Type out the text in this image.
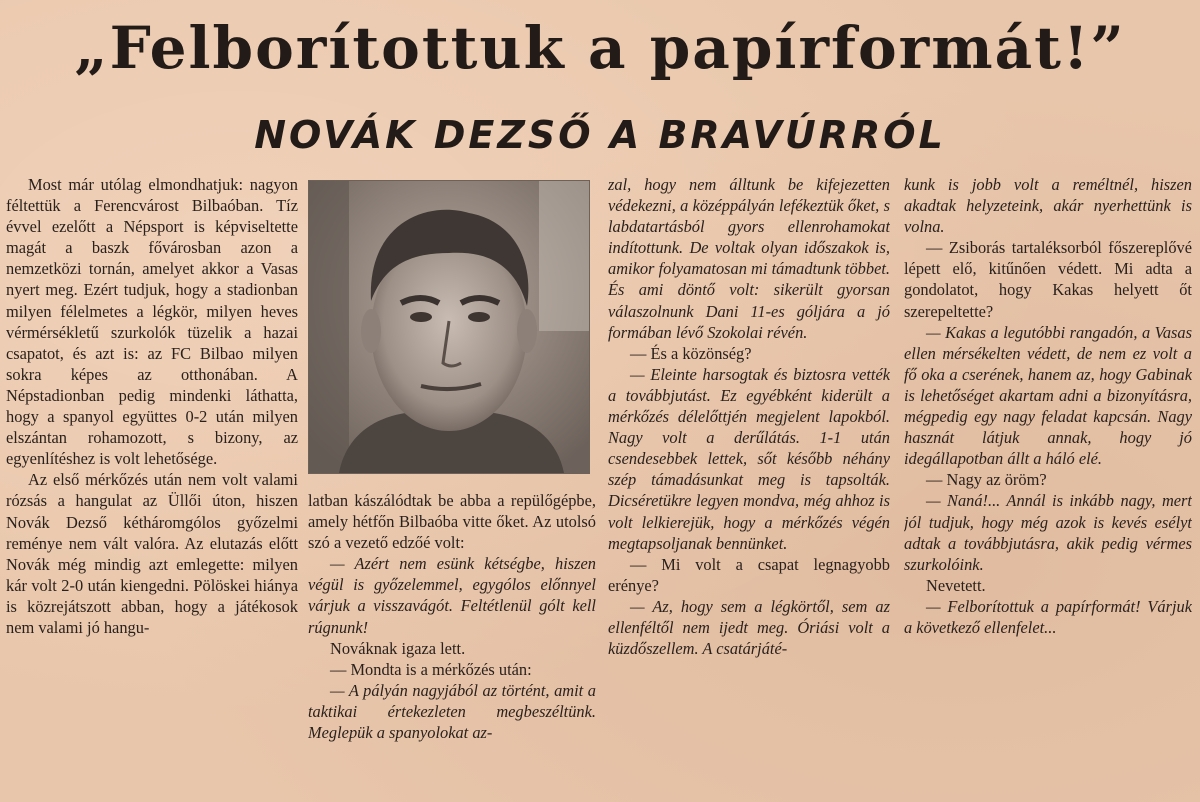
„Felborítottuk a papírformát!”
NOVÁK DEZSŐ A BRAVÚRRÓL

Most már utólag elmondhatjuk: nagyon féltettük a Ferencvárost Bilbaóban. Tíz évvel ezelőtt a Népsport is képviseltette magát a baszk fővárosban azon a nemzetközi tornán, amelyet akkor a Vasas nyert meg. Ezért tudjuk, hogy a stadionban milyen félelmetes a légkör, milyen heves vérmérsékletű szurkolók tüzelik a hazai csapatot, és azt is: az FC Bilbao milyen sokra képes az otthonában. A Népstadionban pedig mindenki láthatta, hogy a spanyol együttes 0-2 után milyen elszántan rohamozott, s bizony, az egyenlítéshez is volt lehetősége.

Az első mérkőzés után nem volt valami rózsás a hangulat az Üllői úton, hiszen Novák Dezső kétháromgólos győzelmi reménye nem vált valóra. Az elutazás előtt Novák még mindig azt emlegette: milyen kár volt 2-0 után kiengedni. Pölöskei hiánya is közrejátszott abban, hogy a játékosok nem valami jó hangu-

latban kászálódtak be abba a repülőgépbe, amely hétfőn Bilbaóba vitte őket. Az utolsó szó a vezető edzőé volt:

— Azért nem esünk kétségbe, hiszen végül is győzelemmel, egygólos előnnyel várjuk a visszavágót. Feltétlenül gólt kell rúgnunk!

Nováknak igaza lett.

— Mondta is a mérkőzés után:

— A pályán nagyjából az történt, amit a taktikai értekezleten megbeszéltünk. Meglepük a spanyolokat az-

zal, hogy nem álltunk be kifejezetten védekezni, a középpályán lefékeztük őket, s labdatartásból gyors ellenrohamokat indítottunk. De voltak olyan időszakok is, amikor folyamatosan mi támadtunk többet. És ami döntő volt: sikerült gyorsan válaszolnunk Dani 11-es góljára a jó formában lévő Szokolai révén.

— És a közönség?

— Eleinte harsogtak és biztosra vették a továbbjutást. Ez egyébként kiderült a mérkőzés délelőttjén megjelent lapokból. Nagy volt a derűlátás. 1-1 után csendesebbek lettek, sőt később néhány szép támadásunkat meg is tapsolták. Dicséretükre legyen mondva, még ahhoz is volt lelkierejük, hogy a mérkőzés végén megtapsoljanak bennünket.

— Mi volt a csapat legnagyobb erénye?

— Az, hogy sem a légkörtől, sem az ellenféltől nem ijedt meg. Óriási volt a küzdőszellem. A csatárjáté-

kunk is jobb volt a reméltnél, hiszen akadtak helyzeteink, akár nyerhettünk is volna.

— Zsiborás tartaléksorból főszereplővé lépett elő, kitűnően védett. Mi adta a gondolatot, hogy Kakas helyett őt szerepeltette?

— Kakas a legutóbbi rangadón, a Vasas ellen mérsékelten védett, de nem ez volt a fő oka a cserének, hanem az, hogy Gabinak is lehetőséget akartam adni a bizonyításra, mégpedig egy nagy feladat kapcsán. Nagy hasznát látjuk annak, hogy jó idegállapotban állt a háló elé.

— Nagy az öröm?

— Naná!... Annál is inkább nagy, mert jól tudjuk, hogy még azok is kevés esélyt adtak a továbbjutásra, akik pedig vérmes szurkolóink.

Nevetett.

— Felborítottuk a papírformát! Várjuk a következő ellenfelet...
